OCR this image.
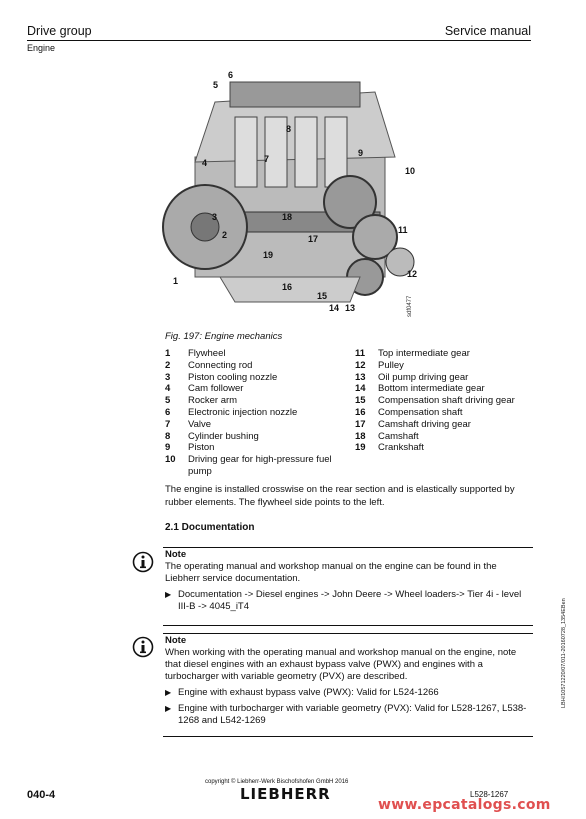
Drive group	Service manual
Engine
6
5
8
7
9
4
10
3	18
2	17
11
19
12
1
16
15
14 13	sdf0477
Fig. 197: Engine mechanics
1	Flywheel
2	Connecting rod
3	Piston cooling nozzle
4	Cam follower
5	Rocker arm
6	Electronic injection nozzle
7	Valve
8	Cylinder bushing
9	Piston
10	Driving gear for high-pressure fuel pump
11	Top intermediate gear
12	Pulley
13	Oil pump driving gear
14	Bottom intermediate gear
15	Compensation shaft driving gear
16	Compensation shaft
17	Camshaft driving gear
18	Camshaft
19	Crankshaft
The engine is installed crosswise on the rear section and is elastically supported by rubber elements. The flywheel side points to the left.
2.1 Documentation
Note
The operating manual and workshop manual on the engine can be found in the Liebherr service documentation.
▶ Documentation -> Diesel engines -> John Deere -> Wheel loaders-> Tier 4i - level III-B -> 4045_iT4
Note
When working with the operating manual and workshop manual on the engine, note that diesel engines with an exhaust bypass valve (PWX) and engines with a turbocharger with variable geometry (PVX) are described.
▶ Engine with exhaust bypass valve (PWX): Valid for L524-1266
▶ Engine with turbocharger with variable geometry (PVX): Valid for L528-1267, L538-1268 and L542-1269
LBH/10571220/07/011-20160728_1354EBen
copyright © Liebherr-Werk Bischofshofen GmbH 2016
040-4	LIEBHERR	L528-1267
www.epcatalogs.com
